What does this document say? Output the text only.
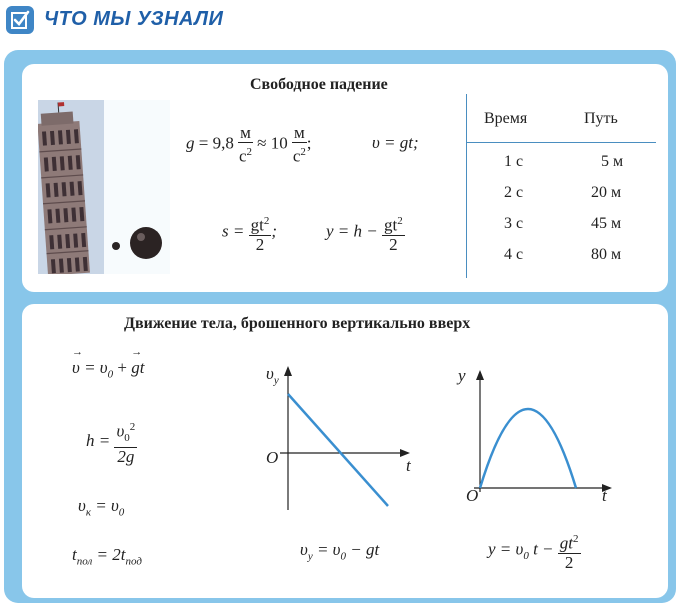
ЧТО МЫ УЗНАЛИ
Свободное падение
$g = 9,8 \frac{м}{с^2} \approx 10 \frac{м}{с^2}$ ;	υ = gt;
$s = \frac{gt^2}{2}$ ;	$y = h - \frac{gt^2}{2}$
Время	Путь
1 с	5 м
2 с	20 м
3 с	45 м
4 с	80 м
Движение тела, брошенного вертикально вверх
υ
→
= $\upsilon_0 + g$
→
t
$h = \frac{\upsilon_0^2}{2g}$
$\upsilon_к = \upsilon_0$
$t_{пол} = 2t_{под}$
$\upsilon_y$
O	t
$\upsilon_y = \upsilon_0$ − gt
y
O	t
$y = \upsilon_0$ $t - \frac{gt^2}{2}$
